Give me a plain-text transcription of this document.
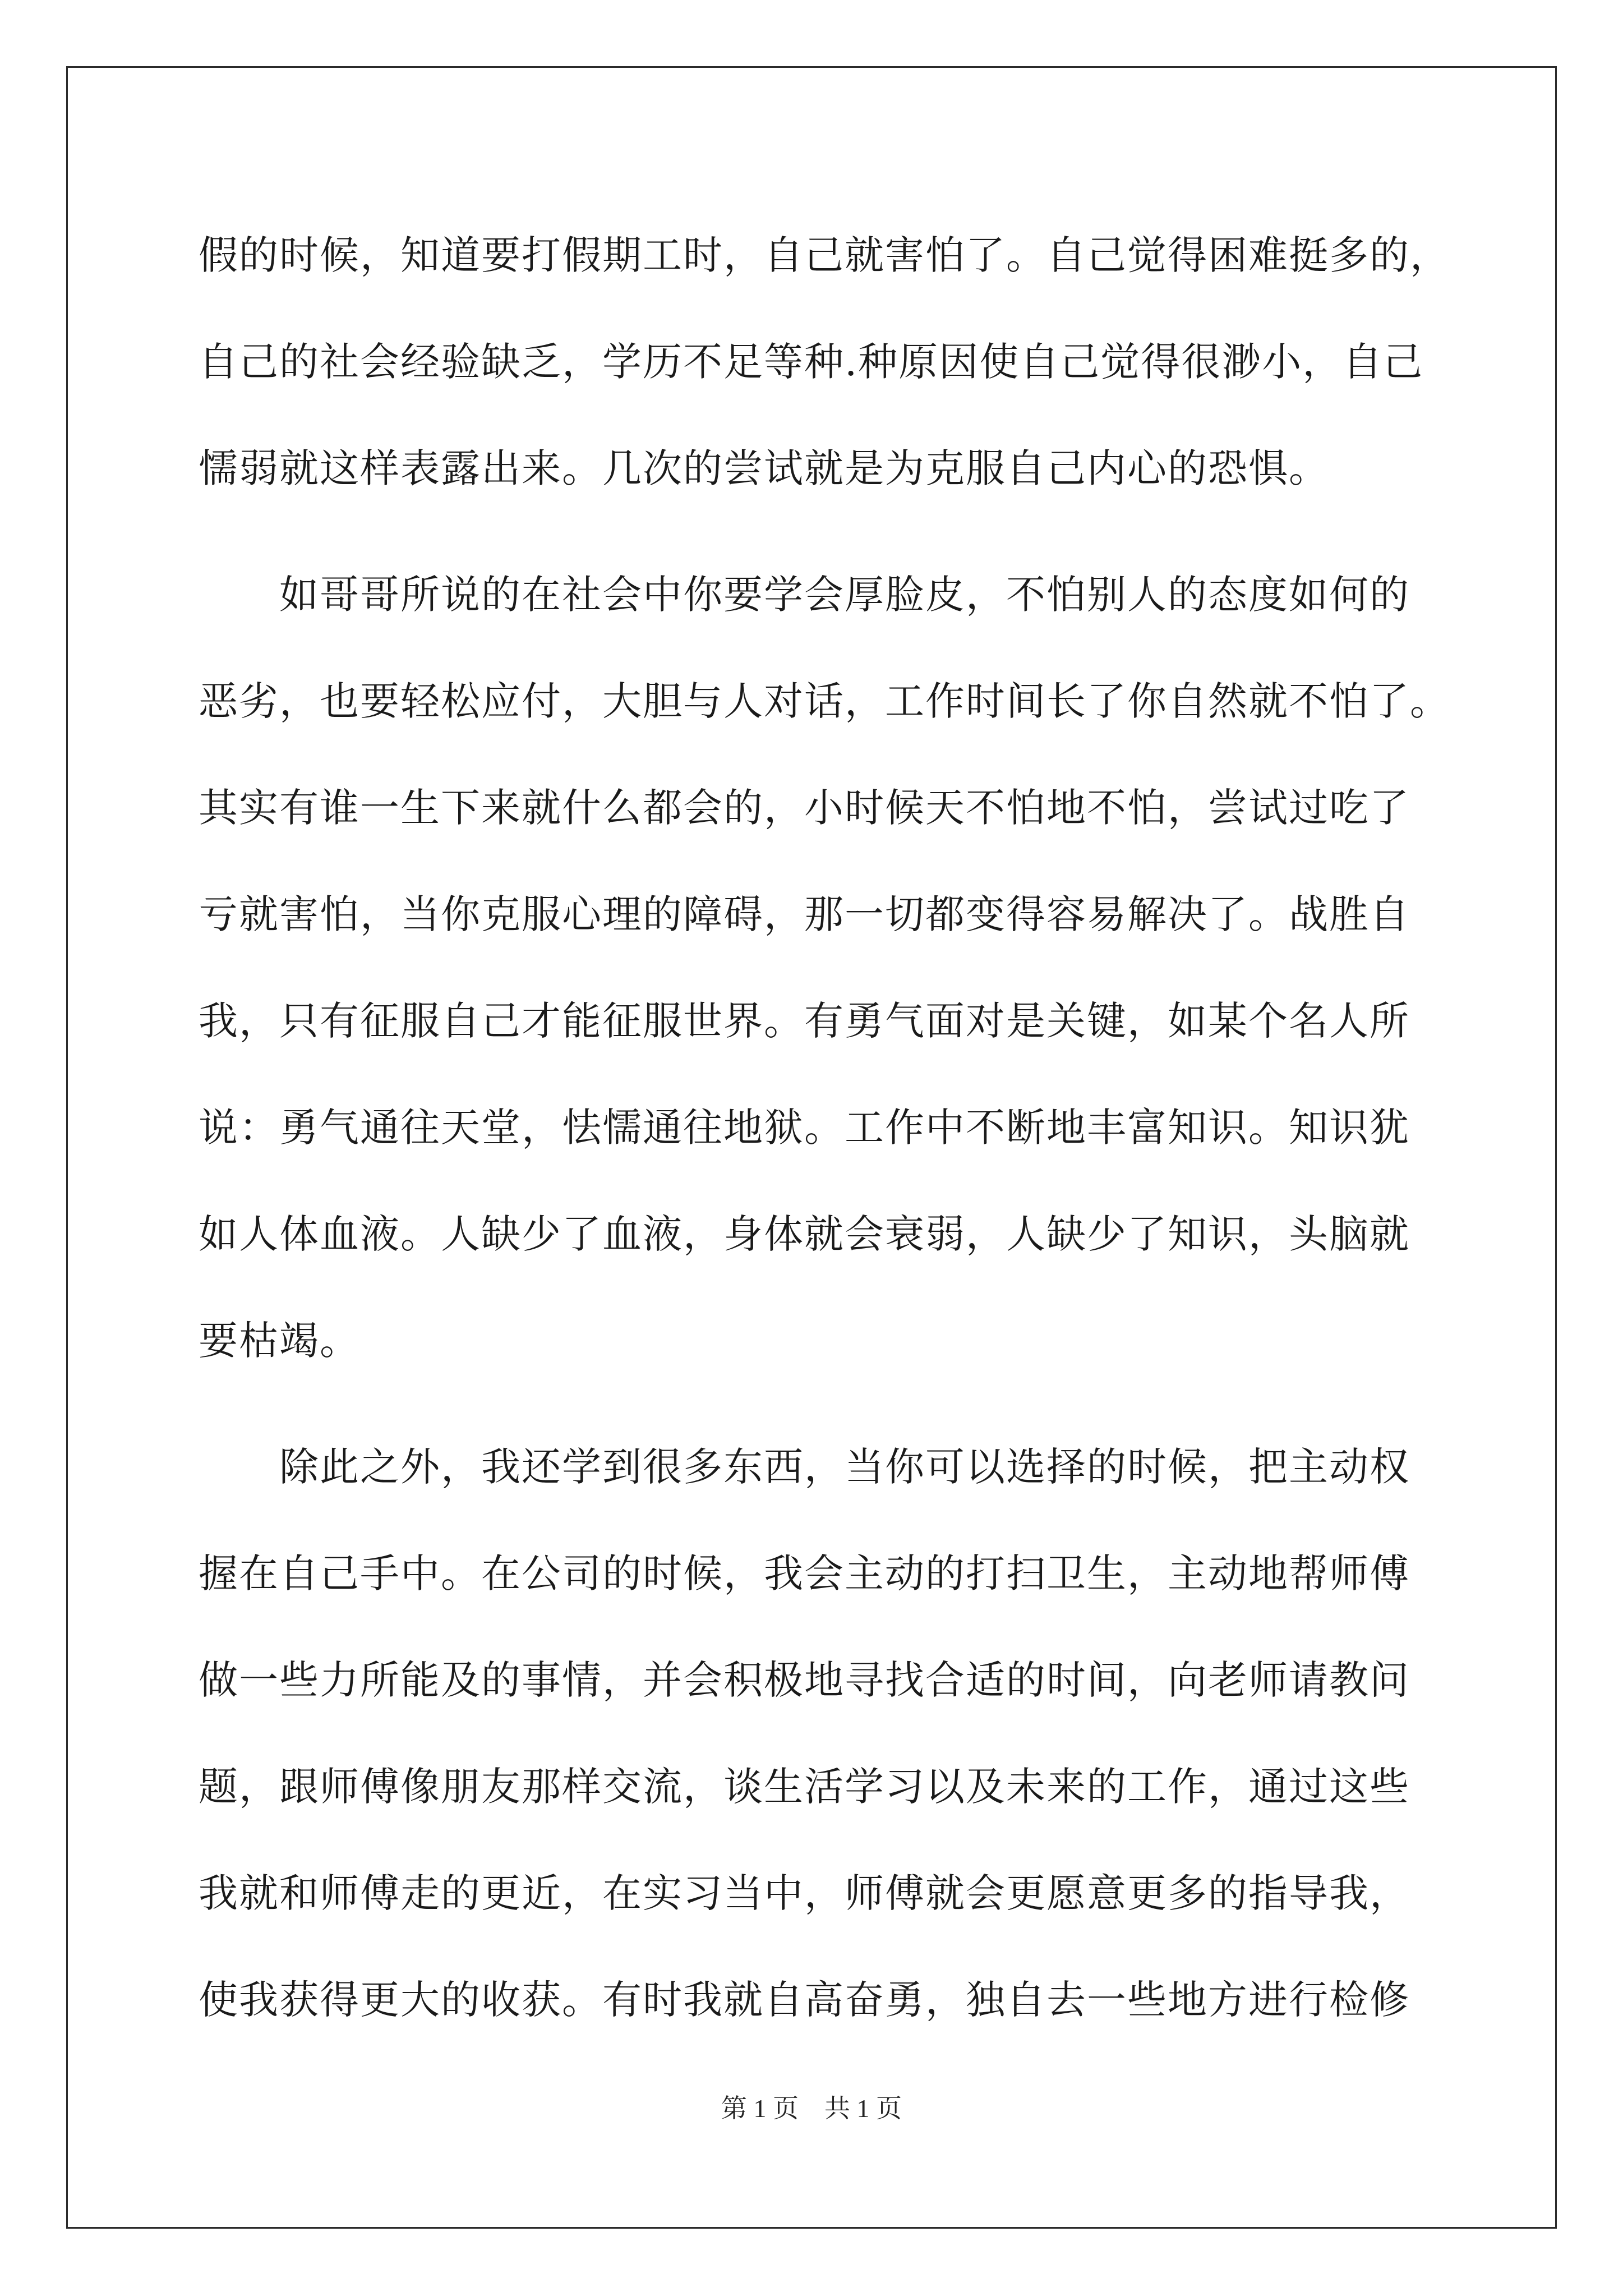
假的时候，知道要打假期工时，自己就害怕了。自己觉得困难挺多的，
自己的社会经验缺乏，学历不足等种.种原因使自己觉得很渺小，自己
懦弱就这样表露出来。几次的尝试就是为克服自己内心的恐惧。
　　如哥哥所说的在社会中你要学会厚脸皮，不怕别人的态度如何的
恶劣，也要轻松应付，大胆与人对话，工作时间长了你自然就不怕了。
其实有谁一生下来就什么都会的，小时候天不怕地不怕，尝试过吃了
亏就害怕，当你克服心理的障碍，那一切都变得容易解决了。战胜自
我，只有征服自己才能征服世界。有勇气面对是关键，如某个名人所
说：勇气通往天堂，怯懦通往地狱。工作中不断地丰富知识。知识犹
如人体血液。人缺少了血液，身体就会衰弱，人缺少了知识，头脑就
要枯竭。
　　除此之外，我还学到很多东西，当你可以选择的时候，把主动权
握在自己手中。在公司的时候，我会主动的打扫卫生，主动地帮师傅
做一些力所能及的事情，并会积极地寻找合适的时间，向老师请教问
题，跟师傅像朋友那样交流，谈生活学习以及未来的工作，通过这些
我就和师傅走的更近，在实习当中，师傅就会更愿意更多的指导我，
使我获得更大的收获。有时我就自高奋勇，独自去一些地方进行检修
第 1 页　共 1 页
